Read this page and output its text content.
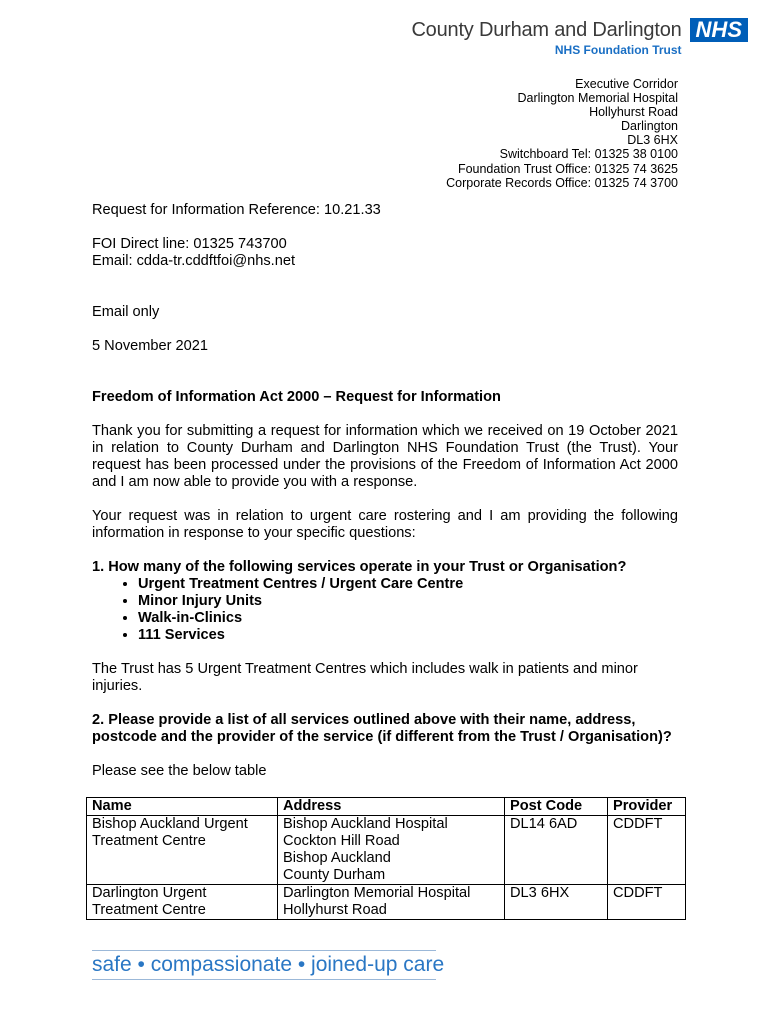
County Durham and Darlington
NHS Foundation Trust
NHS
Executive Corridor
Darlington Memorial Hospital
Hollyhurst Road
Darlington
DL3 6HX
Switchboard Tel: 01325 38 0100
Foundation Trust Office: 01325 74 3625
Corporate Records Office: 01325 74 3700

Request for Information Reference: 10.21.33

FOI Direct line: 01325 743700

Email: cdda-tr.cddftfoi@nhs.net

Email only

5 November 2021

Freedom of Information Act 2000 – Request for Information

Thank you for submitting a request for information which we received on 19 October 2021 in relation to County Durham and Darlington NHS Foundation Trust (the Trust). Your request has been processed under the provisions of the Freedom of Information Act 2000 and I am now able to provide you with a response.

Your request was in relation to urgent care rostering and I am providing the following information in response to your specific questions:

1. How many of the following services operate in your Trust or Organisation?

• Urgent Treatment Centres / Urgent Care Centre
• Minor Injury Units
• Walk-in-Clinics
• 111 Services

The Trust has 5 Urgent Treatment Centres which includes walk in patients and minor injuries.

2. Please provide a list of all services outlined above with their name, address, postcode and the provider of the service (if different from the Trust / Organisation)?

Please see the below table

Name	Address	Post Code	Provider
Bishop Auckland Urgent Treatment Centre	Bishop Auckland Hospital
Cockton Hill Road
Bishop Auckland
County Durham	DL14 6AD	CDDFT
Darlington Urgent Treatment Centre	Darlington Memorial Hospital
Hollyhurst Road	DL3 6HX	CDDFT
safe • compassionate • joined-up care
